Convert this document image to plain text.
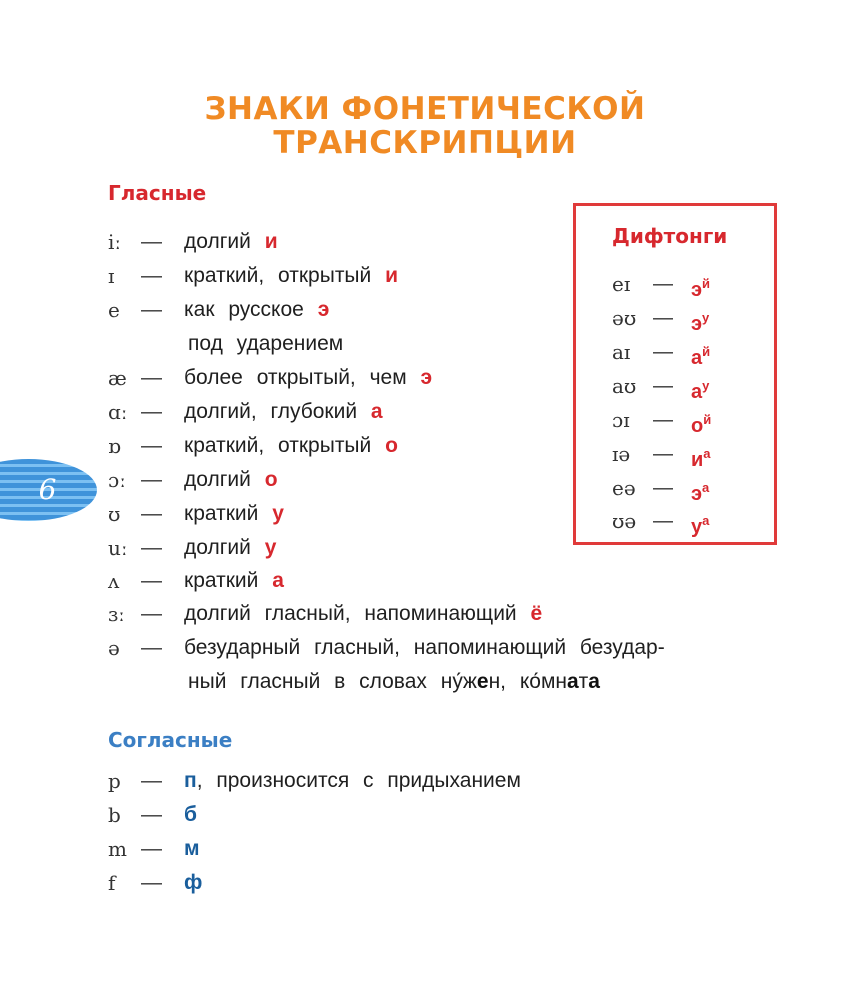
ЗНАКИ ФОНЕТИЧЕСКОЙ
ТРАНСКРИПЦИИ
Гласные
iː — долгий и
ɪ	— краткий, открытый и
e	— как русское э
под ударением
æ — более открытый, чем э
ɑː — долгий, глубокий а
ɒ — краткий, открытый о
ɔː — долгий о
ʊ — краткий у
uː — долгий у
ʌ	— краткий а
ɜː — долгий гласный, напоминающий ё
ə	— безударный гласный, напоминающий безудар-
ный гласный в словах ну́жен, ко́мната
Дифтонги
eɪ	— $э^й$
əʊ — $э^у$
aɪ	— $а^й$
aʊ — $а^у$
ɔɪ	— $о^й$
ɪə	— $и^а$
eə — $э^а$
ʊə — $у^а$
6
Согласные
p — п, произносится с придыханием
b — б
m — м
f	— ф
